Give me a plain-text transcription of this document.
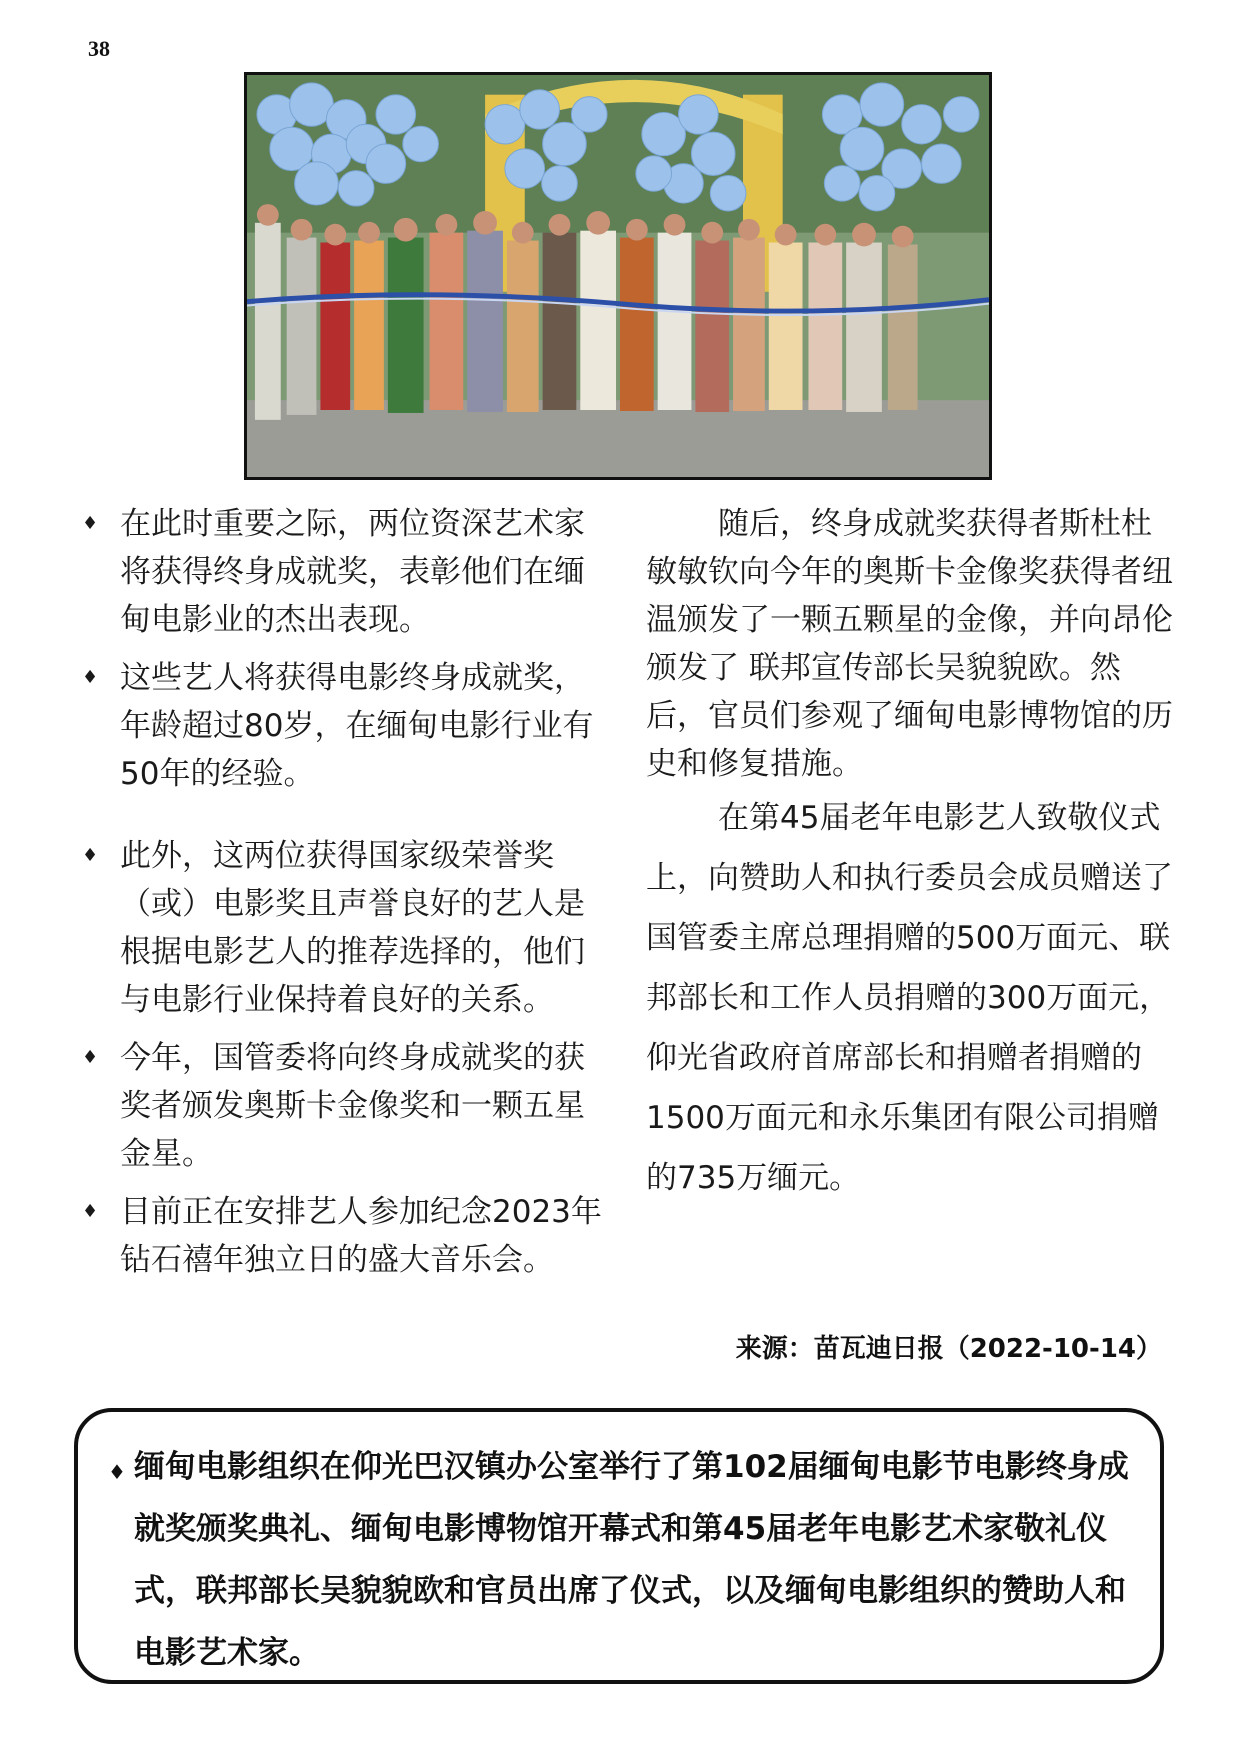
38
♦ 在此时重要之际，两位资深艺术家将获得终身成就奖，表彰他们在缅甸电影业的杰出表现。
♦ 这些艺人将获得电影终身成就奖，年龄超过80岁，在缅甸电影行业有50年的经验。
♦ 此外，这两位获得国家级荣誉奖（或）电影奖且声誉良好的艺人是根据电影艺人的推荐选择的，他们与电影行业保持着良好的关系。
♦ 今年，国管委将向终身成就奖的获奖者颁发奥斯卡金像奖和一颗五星金星。
♦ 目前正在安排艺人参加纪念2023年钻石禧年独立日的盛大音乐会。
随后，终身成就奖获得者斯杜杜敏敏钦向今年的奥斯卡金像奖获得者纽温颁发了一颗五颗星的金像，并向昂伦颁发了 联邦宣传部长吴貌貌欧。然后，官员们参观了缅甸电影博物馆的历史和修复措施。
在第45届老年电影艺人致敬仪式上，向赞助人和执行委员会成员赠送了国管委主席总理捐赠的500万面元、联邦部长和工作人员捐赠的300万面元，仰光省政府首席部长和捐赠者捐赠的1500万面元和永乐集团有限公司捐赠的735万缅元。
来源：苗瓦迪日报（2022-10-14）
♦ 缅甸电影组织在仰光巴汉镇办公室举行了第102届缅甸电影节电影终身成就奖颁奖典礼、缅甸电影博物馆开幕式和第45届老年电影艺术家敬礼仪式，联邦部长吴貌貌欧和官员出席了仪式，以及缅甸电影组织的赞助人和电影艺术家。
